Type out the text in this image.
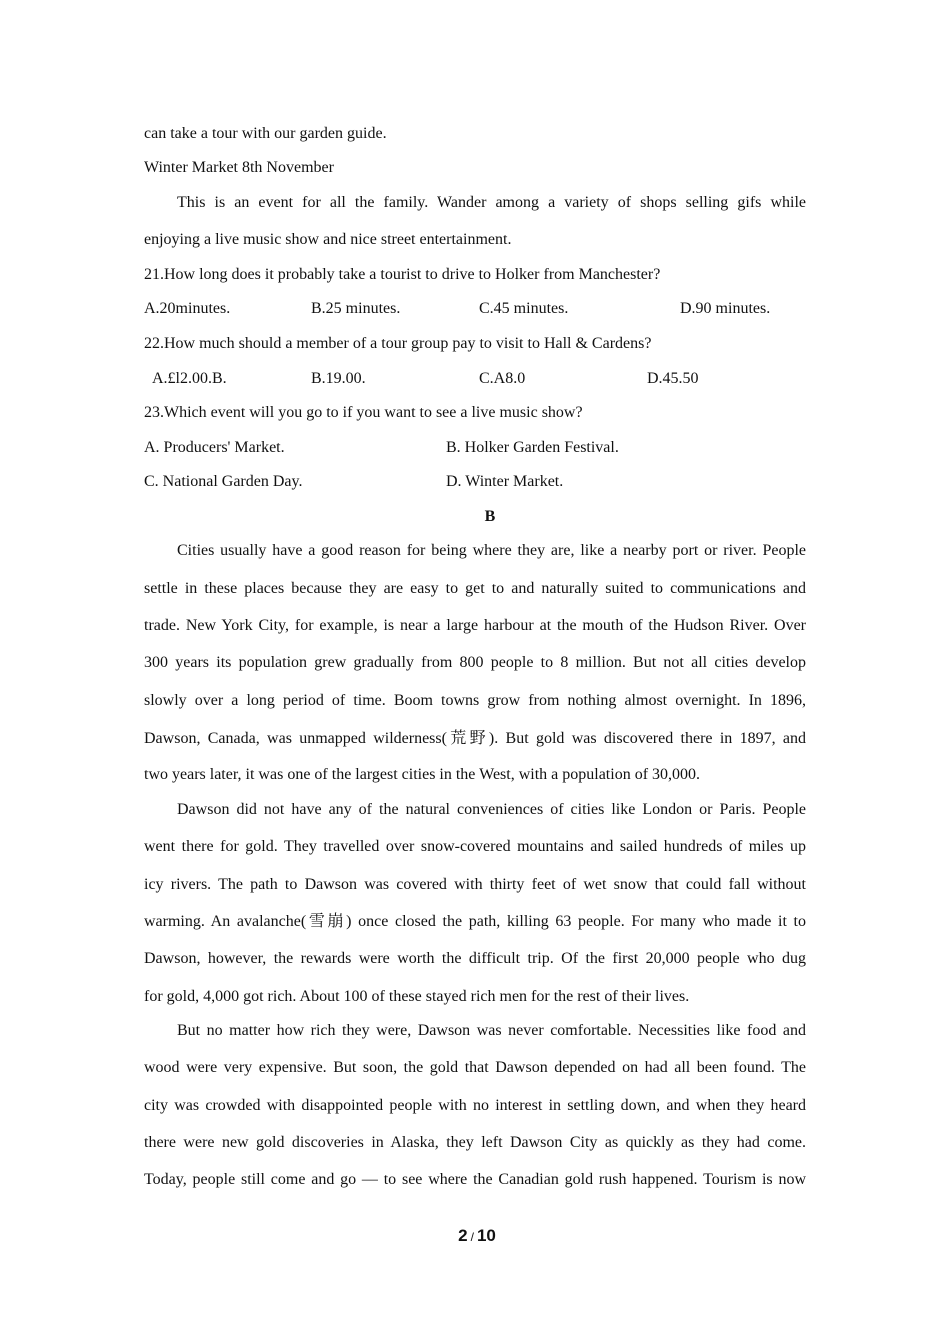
can take a tour with our garden guide.
Winter Market 8th November
This is an event for all the family. Wander among a variety of shops selling gifs while
enjoying a live music show and nice street entertainment.
21.How long does it probably take a tourist to drive to Holker from Manchester?
A.20minutes.	B.25 minutes.	C.45 minutes.	D.90 minutes.
22.How much should a member of a tour group pay to visit to Hall & Cardens?
A.£l2.00.B.	B.19.00.	C.A8.0	D.45.50
23.Which event will you go to if you want to see a live music show?
A. Producers' Market.	B. Holker Garden Festival.
C. National Garden Day.	D. Winter Market.
B
Cities usually have a good reason for being where they are, like a nearby port or river. People
settle in these places because they are easy to get to and naturally suited to communications and
trade. New York City, for example, is near a large harbour at the mouth of the Hudson River. Over
300 years its population grew gradually from 800 people to 8 million. But not all cities develop
slowly over a long period of time. Boom towns grow from nothing almost overnight. In 1896,
Dawson, Canada, was unmapped wilderness(荒野). But gold was discovered there in 1897, and
two years later, it was one of the largest cities in the West, with a population of 30,000.
Dawson did not have any of the natural conveniences of cities like London or Paris. People
went there for gold. They travelled over snow-covered mountains and sailed hundreds of miles up
icy rivers. The path to Dawson was covered with thirty feet of wet snow that could fall without
warming. An avalanche(雪崩) once closed the path, killing 63 people. For many who made it to
Dawson, however, the rewards were worth the difficult trip. Of the first 20,000 people who dug
for gold, 4,000 got rich. About 100 of these stayed rich men for the rest of their lives.
But no matter how rich they were, Dawson was never comfortable. Necessities like food and
wood were very expensive. But soon, the gold that Dawson depended on had all been found. The
city was crowded with disappointed people with no interest in settling down, and when they heard
there were new gold discoveries in Alaska, they left Dawson City as quickly as they had come.
Today, people still come and go — to see where the Canadian gold rush happened. Tourism is now
2 / 10
